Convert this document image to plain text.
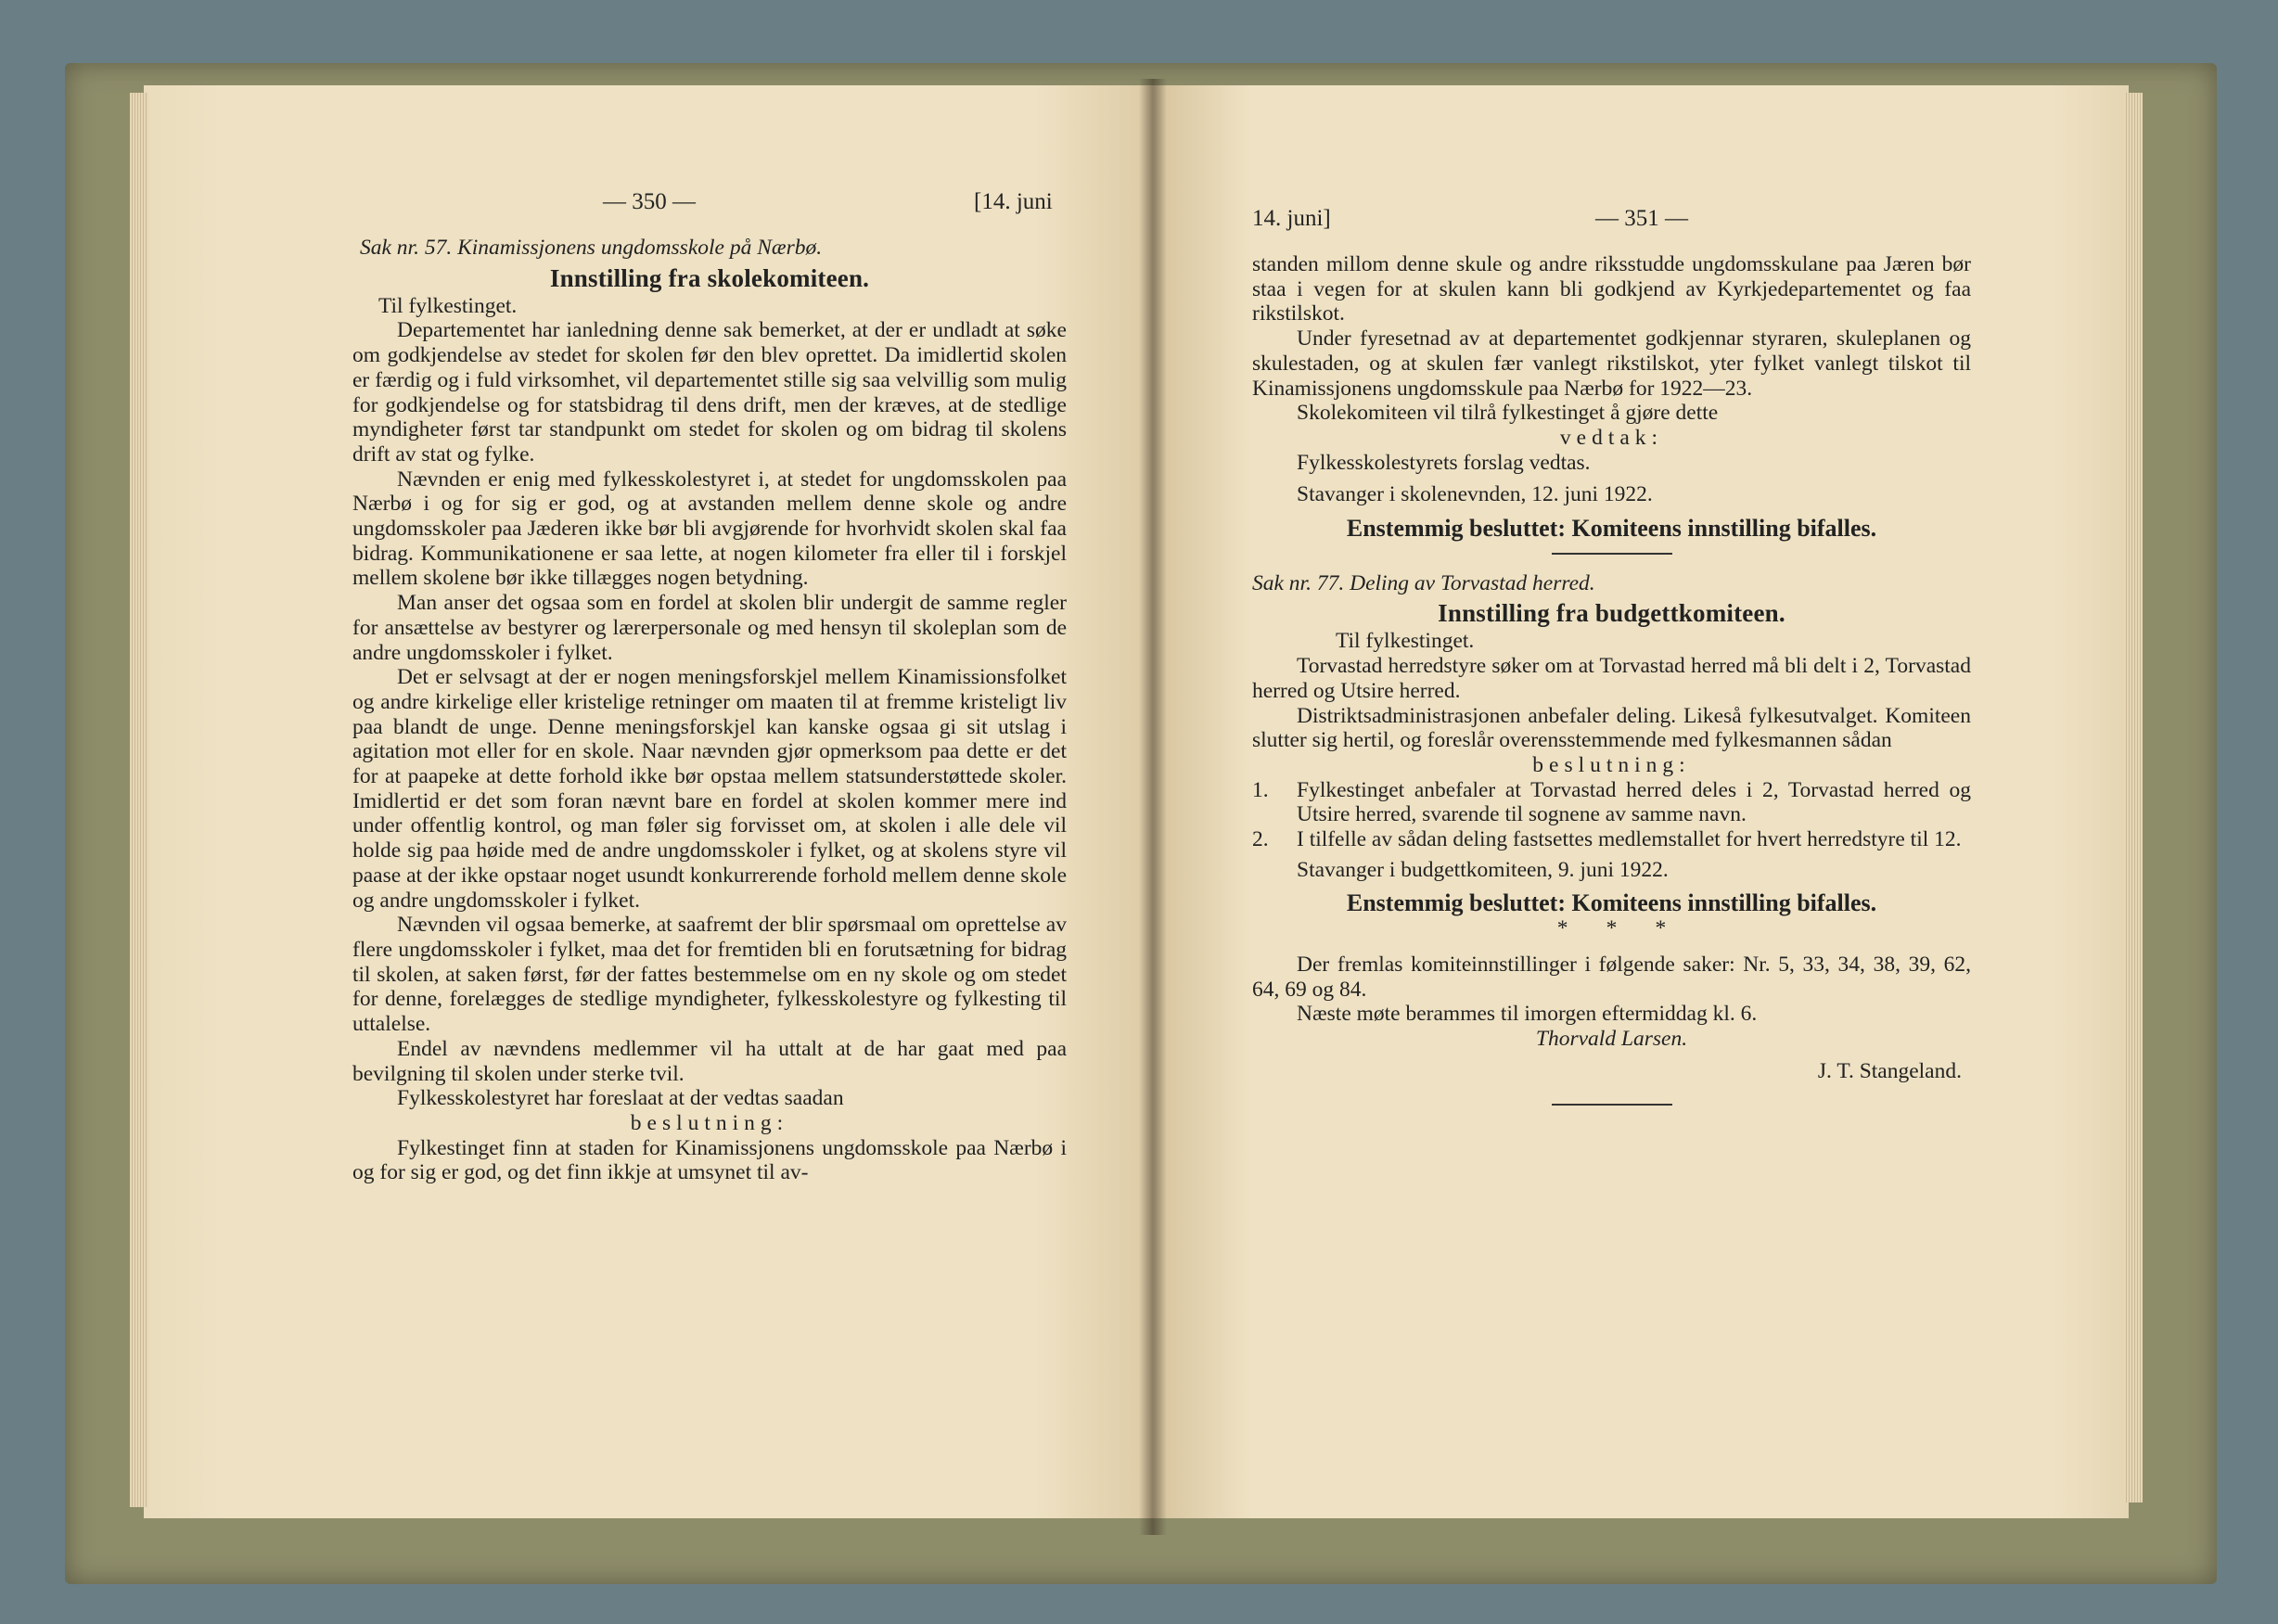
— 350 —	[14. juni

Sak nr. 57. Kinamissjonens ungdomsskole på Nærbø.

Innstilling fra skolekomiteen.

Til fylkestinget.

Departementet har ianledning denne sak bemerket, at der er undladt at søke om godkjendelse av stedet for skolen før den blev oprettet. Da imidlertid skolen er færdig og i fuld virksomhet, vil departementet stille sig saa velvillig som mulig for godkjendelse og for statsbidrag til dens drift, men der kræves, at de stedlige myndigheter først tar standpunkt om stedet for skolen og om bidrag til skolens drift av stat og fylke.

Nævnden er enig med fylkesskolestyret i, at stedet for ungdomsskolen paa Nærbø i og for sig er god, og at avstanden mellem denne skole og andre ungdomsskoler paa Jæderen ikke bør bli avgjørende for hvorhvidt skolen skal faa bidrag. Kommunikationene er saa lette, at nogen kilometer fra eller til i forskjel mellem skolene bør ikke tillægges nogen betydning.

Man anser det ogsaa som en fordel at skolen blir undergit de samme regler for ansættelse av bestyrer og lærerpersonale og med hensyn til skoleplan som de andre ungdomsskoler i fylket.

Det er selvsagt at der er nogen meningsforskjel mellem Kinamissionsfolket og andre kirkelige eller kristelige retninger om maaten til at fremme kristeligt liv paa blandt de unge. Denne meningsforskjel kan kanske ogsaa gi sit utslag i agitation mot eller for en skole. Naar nævnden gjør opmerksom paa dette er det for at paapeke at dette forhold ikke bør opstaa mellem statsunderstøttede skoler. Imidlertid er det som foran nævnt bare en fordel at skolen kommer mere ind under offentlig kontrol, og man føler sig forvisset om, at skolen i alle dele vil holde sig paa høide med de andre ungdomsskoler i fylket, og at skolens styre vil paase at der ikke opstaar noget usundt konkurrerende forhold mellem denne skole og andre ungdomsskoler i fylket.

Nævnden vil ogsaa bemerke, at saafremt der blir spørsmaal om oprettelse av flere ungdomsskoler i fylket, maa det for fremtiden bli en forutsætning for bidrag til skolen, at saken først, før der fattes bestemmelse om en ny skole og om stedet for denne, forelægges de stedlige myndigheter, fylkesskolestyre og fylkesting til uttalelse.

Endel av nævndens medlemmer vil ha uttalt at de har gaat med paa bevilgning til skolen under sterke tvil.

Fylkesskolestyret har foreslaat at der vedtas saadan

beslutning:

Fylkestinget finn at staden for Kinamissjonens ungdomsskole paa Nærbø i og for sig er god, og det finn ikkje at umsynet til av-

14. juni]	— 351 —

standen millom denne skule og andre riksstudde ungdomsskulane paa Jæren bør staa i vegen for at skulen kann bli godkjend av Kyrkjedepartementet og faa rikstilskot.

Under fyresetnad av at departementet godkjennar styraren, skuleplanen og skulestaden, og at skulen fær vanlegt rikstilskot, yter fylket vanlegt tilskot til Kinamissjonens ungdomsskule paa Nærbø for 1922—23.

Skolekomiteen vil tilrå fylkestinget å gjøre dette

vedtak:

Fylkesskolestyrets forslag vedtas.

Stavanger i skolenevnden, 12. juni 1922.

Enstemmig besluttet: Komiteens innstilling bifalles.

Sak nr. 77. Deling av Torvastad herred.

Innstilling fra budgettkomiteen.

Til fylkestinget.

Torvastad herredstyre søker om at Torvastad herred må bli delt i 2, Torvastad herred og Utsire herred.

Distriktsadministrasjonen anbefaler deling. Likeså fylkesutvalget. Komiteen slutter sig hertil, og foreslår overensstemmende med fylkesmannen sådan

beslutning:
1.	Fylkestinget anbefaler at Torvastad herred deles i 2, Torvastad herred og Utsire herred, svarende til sognene av samme navn.
2.	I tilfelle av sådan deling fastsettes medlemstallet for hvert herredstyre til 12.

Stavanger i budgettkomiteen, 9. juni 1922.

Enstemmig besluttet: Komiteens innstilling bifalles.
*       *       *

Der fremlas komiteinnstillinger i følgende saker: Nr. 5, 33, 34, 38, 39, 62, 64, 69 og 84.

Næste møte berammes til imorgen eftermiddag kl. 6.

Thorvald Larsen.
J. T. Stangeland.
